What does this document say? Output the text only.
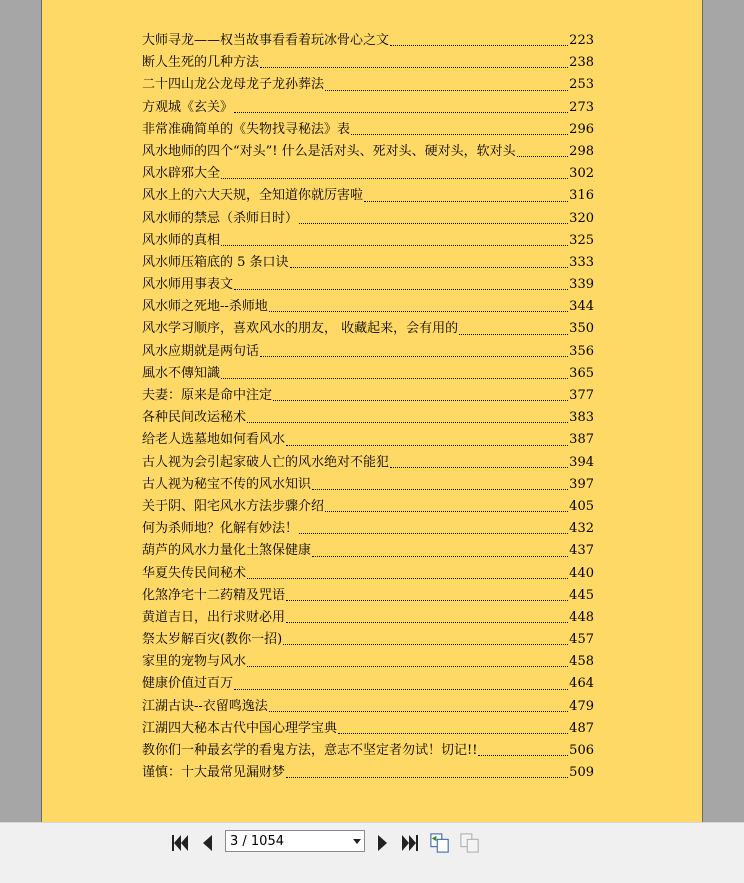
大师寻龙——权当故事看看着玩冰骨心之文	223
断人生死的几种方法	238
二十四山龙公龙母龙子龙孙葬法	253
方观城《玄关》	273
非常准确简单的《失物找寻秘法》表	296
风水地师的四个“对头”! 什么是活对头、死对头、硬对头，软对头	298
风水辟邪大全	302
风水上的六大天规，全知道你就厉害啦	316
风水师的禁忌（杀师日时）	320
风水师的真相	325
风水师压箱底的 5 条口诀	333
风水师用事表文	339
风水师之死地--杀师地	344
风水学习顺序，喜欢风水的朋友， 收藏起来，会有用的	350
风水应期就是两句话	356
風水不傳知識	365
夫妻：原来是命中注定	377
各种民间改运秘术	383
给老人选墓地如何看风水	387
古人视为会引起家破人亡的风水绝对不能犯	394
古人视为秘宝不传的风水知识	397
关于阴、阳宅风水方法步骤介绍	405
何为杀师地？化解有妙法！	432
葫芦的风水力量化土煞保健康	437
华夏失传民间秘术	440
化煞净宅十二药精及咒语	445
黄道吉日，出行求财必用	448
祭太岁解百灾(教你一招)	457
家里的宠物与风水	458
健康价值过百万	464
江湖古诀--衣留鸣逸法	479
江湖四大秘本古代中国心理学宝典	487
教你们一种最玄学的看鬼方法，意志不坚定者勿试！切记!!	506
谨慎：十大最常见漏财梦	509
3 / 1054
